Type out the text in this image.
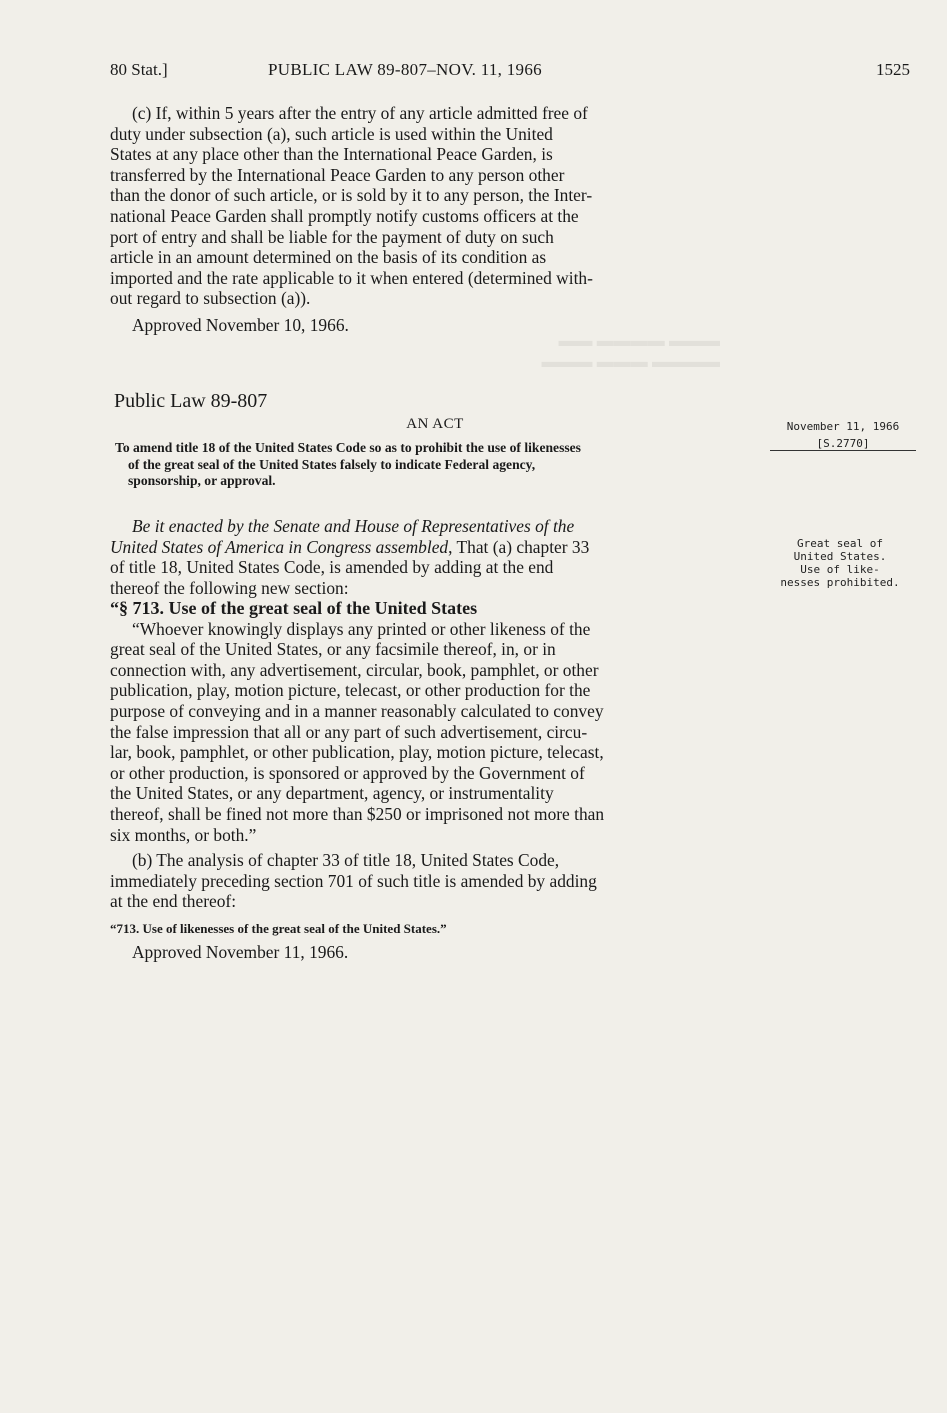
▬▬▬ ▬▬▬▬ ▬▬
▬▬▬▬ ▬▬▬ ▬▬▬
80 Stat.]	PUBLIC LAW 89-807–NOV. 11, 1966	1525

(c) If, within 5 years after the entry of any article admitted free of

duty under subsection (a), such article is used within the United

States at any place other than the International Peace Garden, is

transferred by the International Peace Garden to any person other

than the donor of such article, or is sold by it to any person, the Inter-

national Peace Garden shall promptly notify customs officers at the

port of entry and shall be liable for the payment of duty on such

article in an amount determined on the basis of its condition as

imported and the rate applicable to it when entered (determined with-

out regard to subsection (a)).

Approved November 10, 1966.
Public Law 89-807
AN ACT
To amend title 18 of the United States Code so as to prohibit the use of likenesses
of the great seal of the United States falsely to indicate Federal agency,
sponsorship, or approval.
November 11, 1966
[S.2770]
Great seal of
United States.
Use of like-
nesses prohibited.

Be it enacted by the Senate and House of Representatives of the

United States of America in Congress assembled, That (a) chapter 33

of title 18, United States Code, is amended by adding at the end

thereof the following new section:

“§ 713. Use of the great seal of the United States

“Whoever knowingly displays any printed or other likeness of the

great seal of the United States, or any facsimile thereof, in, or in

connection with, any advertisement, circular, book, pamphlet, or other

publication, play, motion picture, telecast, or other production for the

purpose of conveying and in a manner reasonably calculated to convey

the false impression that all or any part of such advertisement, circu-

lar, book, pamphlet, or other publication, play, motion picture, telecast,

or other production, is sponsored or approved by the Government of

the United States, or any department, agency, or instrumentality

thereof, shall be fined not more than $250 or imprisoned not more than

six months, or both.”

(b) The analysis of chapter 33 of title 18, United States Code,

immediately preceding section 701 of such title is amended by adding

at the end thereof:

“713. Use of likenesses of the great seal of the United States.”
Approved November 11, 1966.
